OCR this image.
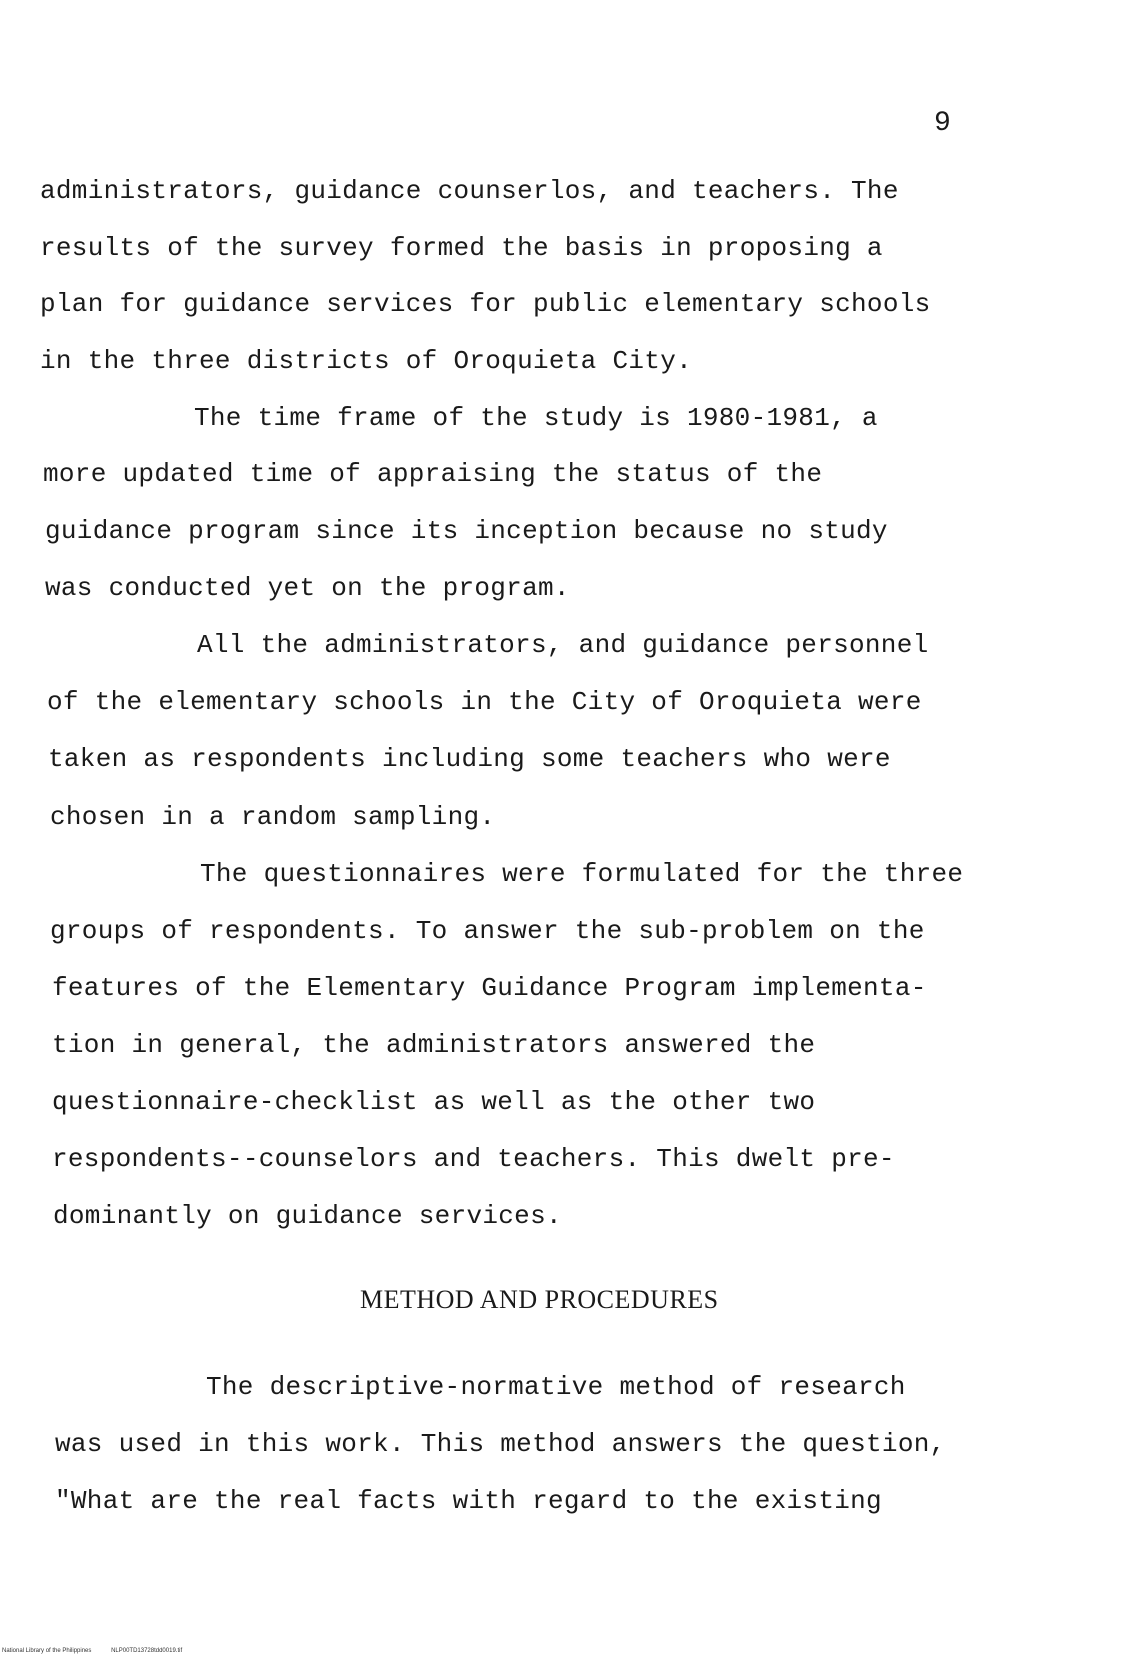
9
administrators, guidance counserlos, and teachers. The
results of the survey formed the basis in proposing a
plan for guidance services for public elementary schools
in the three districts of Oroquieta City.
The time frame of the study is 1980-1981, a
more updated time of appraising the status of the
guidance program since its inception because no study
was conducted yet on the program.
All the administrators, and guidance personnel
of the elementary schools in the City of Oroquieta were
taken as respondents including some teachers who were
chosen in a random sampling.
The questionnaires were formulated for the three
groups of respondents. To answer the sub-problem on the
features of the Elementary Guidance Program implementa-
tion in general, the administrators answered the
questionnaire-checklist as well as the other two
respondents--counselors and teachers. This dwelt pre-
dominantly on guidance services.
METHOD AND PROCEDURES
The descriptive-normative method of research
was used in this work. This method answers the question,
"What are the real facts with regard to the existing
National Library of the Philippines	NLP00TD13728tdd0019.tif
